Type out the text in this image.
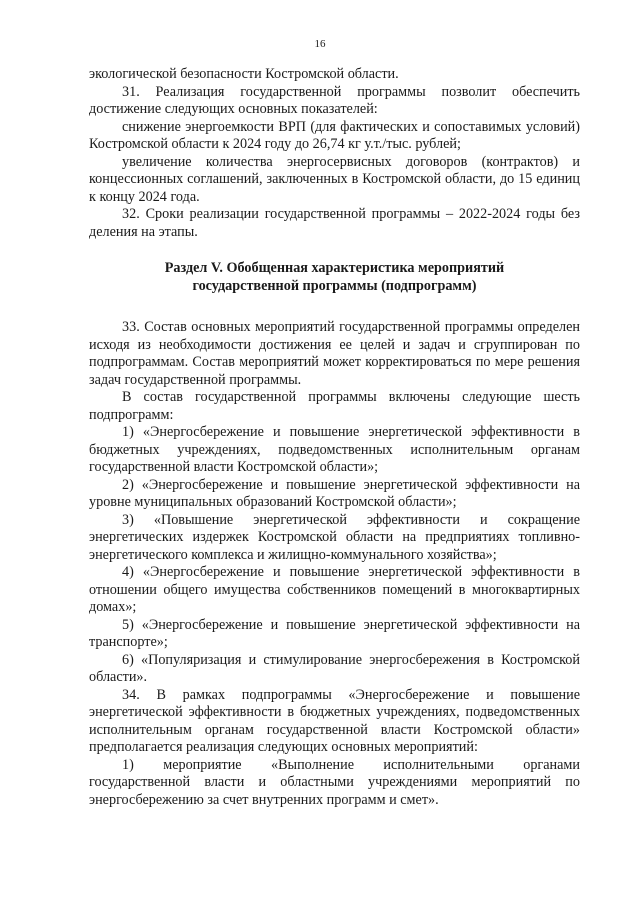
16

экологической безопасности Костромской области.

31. Реализация государственной программы позволит обеспечить достижение следующих основных показателей:

снижение энергоемкости ВРП (для фактических и сопоставимых условий) Костромской области к 2024 году до 26,74 кг у.т./тыс. рублей;

увеличение количества энергосервисных договоров (контрактов) и концессионных соглашений, заключенных в Костромской области, до 15 единиц к концу 2024 года.

32. Сроки реализации государственной программы – 2022-2024 годы без деления на этапы.

Раздел V. Обобщенная характеристика мероприятий
государственной программы (подпрограмм)

33. Состав основных мероприятий государственной программы определен исходя из необходимости достижения ее целей и задач и сгруппирован по подпрограммам. Состав мероприятий может корректироваться по мере решения задач государственной программы.

В состав государственной программы включены следующие шесть подпрограмм:

1) «Энергосбережение и повышение энергетической эффективности в бюджетных учреждениях, подведомственных исполнительным органам государственной власти Костромской области»;

2) «Энергосбережение и повышение энергетической эффективности на уровне муниципальных образований Костромской области»;

3) «Повышение энергетической эффективности и сокращение энергетических издержек Костромской области на предприятиях топливно-энергетического комплекса и жилищно-коммунального хозяйства»;

4) «Энергосбережение и повышение энергетической эффективности в отношении общего имущества собственников помещений в многоквартирных домах»;

5) «Энергосбережение и повышение энергетической эффективности на транспорте»;

6) «Популяризация и стимулирование энергосбережения в Костромской области».

34. В рамках подпрограммы «Энергосбережение и повышение энергетической эффективности в бюджетных учреждениях, подведомственных исполнительным органам государственной власти Костромской области» предполагается реализация следующих основных мероприятий:

1) мероприятие «Выполнение исполнительными органами государственной власти и областными учреждениями мероприятий по энергосбережению за счет внутренних программ и смет».
